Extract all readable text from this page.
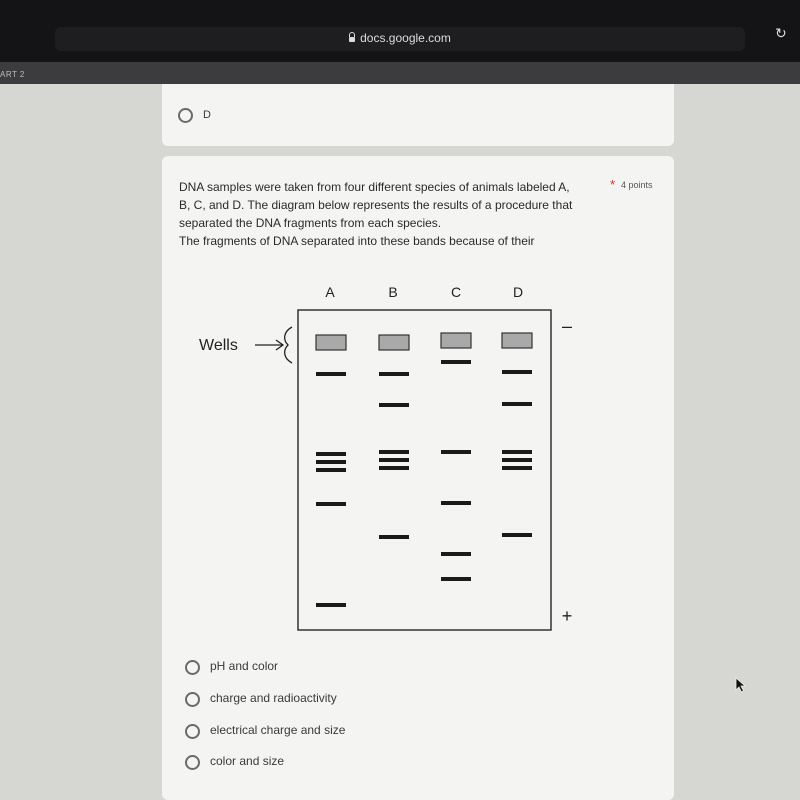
docs.google.com	↻
ART 2
D
DNA samples were taken from four different species of animals labeled A,
B, C, and D. The diagram below represents the results of a procedure that
separated the DNA fragments from each species.
The fragments of DNA separated into these bands because of their
* 4 points
A	B	C	D
Wells
–
+
pH and color
charge and radioactivity
electrical charge and size
color and size
